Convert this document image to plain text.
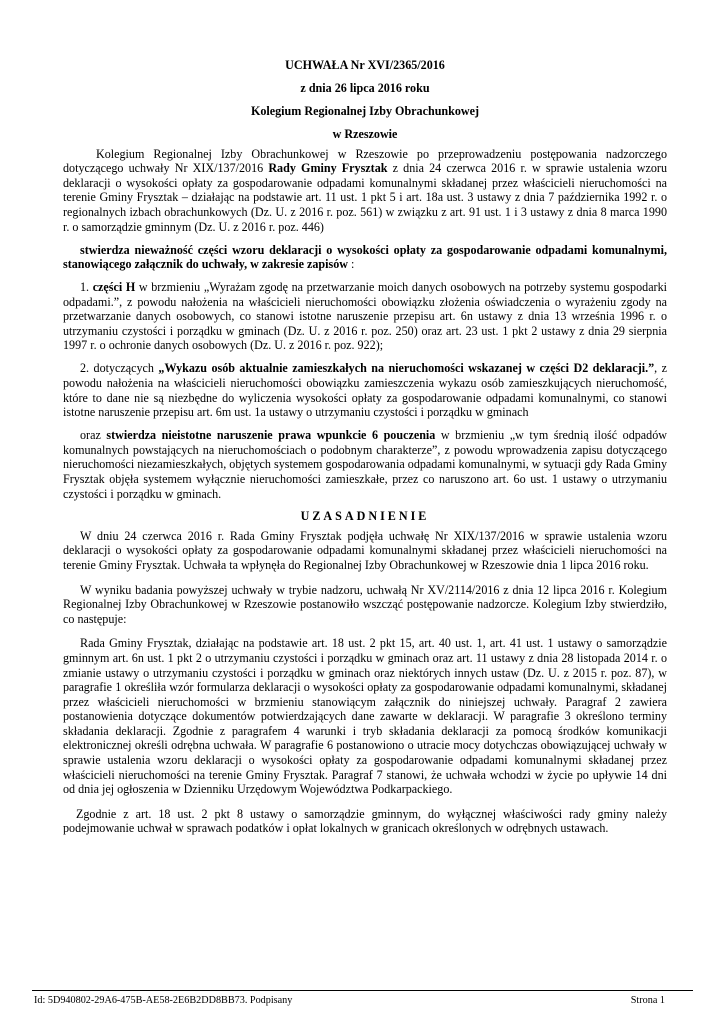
UCHWAŁA Nr XVI/2365/2016
z dnia 26 lipca 2016 roku
Kolegium Regionalnej Izby Obrachunkowej
w Rzeszowie

Kolegium Regionalnej Izby Obrachunkowej w Rzeszowie po przeprowadzeniu postępowania nadzorczego dotyczącego uchwały Nr XIX/137/2016 Rady Gminy Frysztak z dnia 24 czerwca 2016 r. w sprawie ustalenia wzoru deklaracji o wysokości opłaty za gospodarowanie odpadami komunalnymi składanej przez właścicieli nieruchomości na terenie Gminy Frysztak – działając na podstawie art. 11 ust. 1 pkt 5 i art. 18a ust. 3 ustawy z dnia 7 października 1992 r. o regionalnych izbach obrachunkowych (Dz. U. z 2016 r. poz. 561) w związku z art. 91 ust. 1 i 3 ustawy z dnia 8 marca 1990 r. o samorządzie gminnym (Dz. U. z 2016 r. poz. 446)

stwierdza nieważność części wzoru deklaracji o wysokości opłaty za gospodarowanie odpadami komunalnymi, stanowiącego załącznik do uchwały, w zakresie zapisów :

1. części H w brzmieniu „Wyrażam zgodę na przetwarzanie moich danych osobowych na potrzeby systemu gospodarki odpadami.”, z powodu nałożenia na właścicieli nieruchomości obowiązku złożenia oświadczenia o wyrażeniu zgody na przetwarzanie danych osobowych, co stanowi istotne naruszenie przepisu art. 6n ustawy z dnia 13 września 1996 r. o utrzymaniu czystości i porządku w gminach (Dz. U. z 2016 r. poz. 250) oraz art. 23 ust. 1 pkt 2 ustawy z dnia 29 sierpnia 1997 r. o ochronie danych osobowych (Dz. U. z 2016 r. poz. 922);

2. dotyczących „Wykazu osób aktualnie zamieszkałych na nieruchomości wskazanej w części D2 deklaracji.”, z powodu nałożenia na właścicieli nieruchomości obowiązku zamieszczenia wykazu osób zamieszkujących nieruchomość, które to dane nie są niezbędne do wyliczenia wysokości opłaty za gospodarowanie odpadami komunalnymi, co stanowi istotne naruszenie przepisu art. 6m ust. 1a ustawy o utrzymaniu czystości i porządku w gminach

oraz stwierdza nieistotne naruszenie prawa wpunkcie 6 pouczenia w brzmieniu „w tym średnią ilość odpadów komunalnych powstających na nieruchomościach o podobnym charakterze”, z powodu wprowadzenia zapisu dotyczącego nieruchomości niezamieszkałych, objętych systemem gospodarowania odpadami komunalnymi, w sytuacji gdy Rada Gminy Frysztak objęła systemem wyłącznie nieruchomości zamieszkałe, przez co naruszono art. 6o ust. 1 ustawy o utrzymaniu czystości i porządku w gminach.

UZASADNIENIE

W dniu 24 czerwca 2016 r. Rada Gminy Frysztak podjęła uchwałę Nr XIX/137/2016 w sprawie ustalenia wzoru deklaracji o wysokości opłaty za gospodarowanie odpadami komunalnymi składanej przez właścicieli nieruchomości na terenie Gminy Frysztak. Uchwała ta wpłynęła do Regionalnej Izby Obrachunkowej w Rzeszowie dnia 1 lipca 2016 roku.

W wyniku badania powyższej uchwały w trybie nadzoru, uchwałą Nr XV/2114/2016 z dnia 12 lipca 2016 r. Kolegium Regionalnej Izby Obrachunkowej w Rzeszowie postanowiło wszcząć postępowanie nadzorcze. Kolegium Izby stwierdziło, co następuje:

Rada Gminy Frysztak, działając na podstawie art. 18 ust. 2 pkt 15, art. 40 ust. 1, art. 41 ust. 1 ustawy o samorządzie gminnym art. 6n ust. 1 pkt 2 o utrzymaniu czystości i porządku w gminach oraz art. 11 ustawy z dnia 28 listopada 2014 r. o zmianie ustawy o utrzymaniu czystości i porządku w gminach oraz niektórych innych ustaw (Dz. U. z 2015 r. poz. 87), w paragrafie 1 określiła wzór formularza deklaracji o wysokości opłaty za gospodarowanie odpadami komunalnymi, składanej przez właścicieli nieruchomości w brzmieniu stanowiącym załącznik do niniejszej uchwały. Paragraf 2 zawiera postanowienia dotyczące dokumentów potwierdzających dane zawarte w deklaracji. W paragrafie 3 określono terminy składania deklaracji. Zgodnie z paragrafem 4 warunki i tryb składania deklaracji za pomocą środków komunikacji elektronicznej określi odrębna uchwała. W paragrafie 6 postanowiono o utracie mocy dotychczas obowiązującej uchwały w sprawie ustalenia wzoru deklaracji o wysokości opłaty za gospodarowanie odpadami komunalnymi składanej przez właścicieli nieruchomości na terenie Gminy Frysztak. Paragraf 7 stanowi, że uchwała wchodzi w życie po upływie 14 dni od dnia jej ogłoszenia w Dzienniku Urzędowym Województwa Podkarpackiego.

Zgodnie z art. 18 ust. 2 pkt 8 ustawy o samorządzie gminnym, do wyłącznej właściwości rady gminy należy podejmowanie uchwał w sprawach podatków i opłat lokalnych w granicach określonych w odrębnych ustawach.

Id: 5D940802-29A6-475B-AE58-2E6B2DD8BB73. Podpisany	Strona 1
